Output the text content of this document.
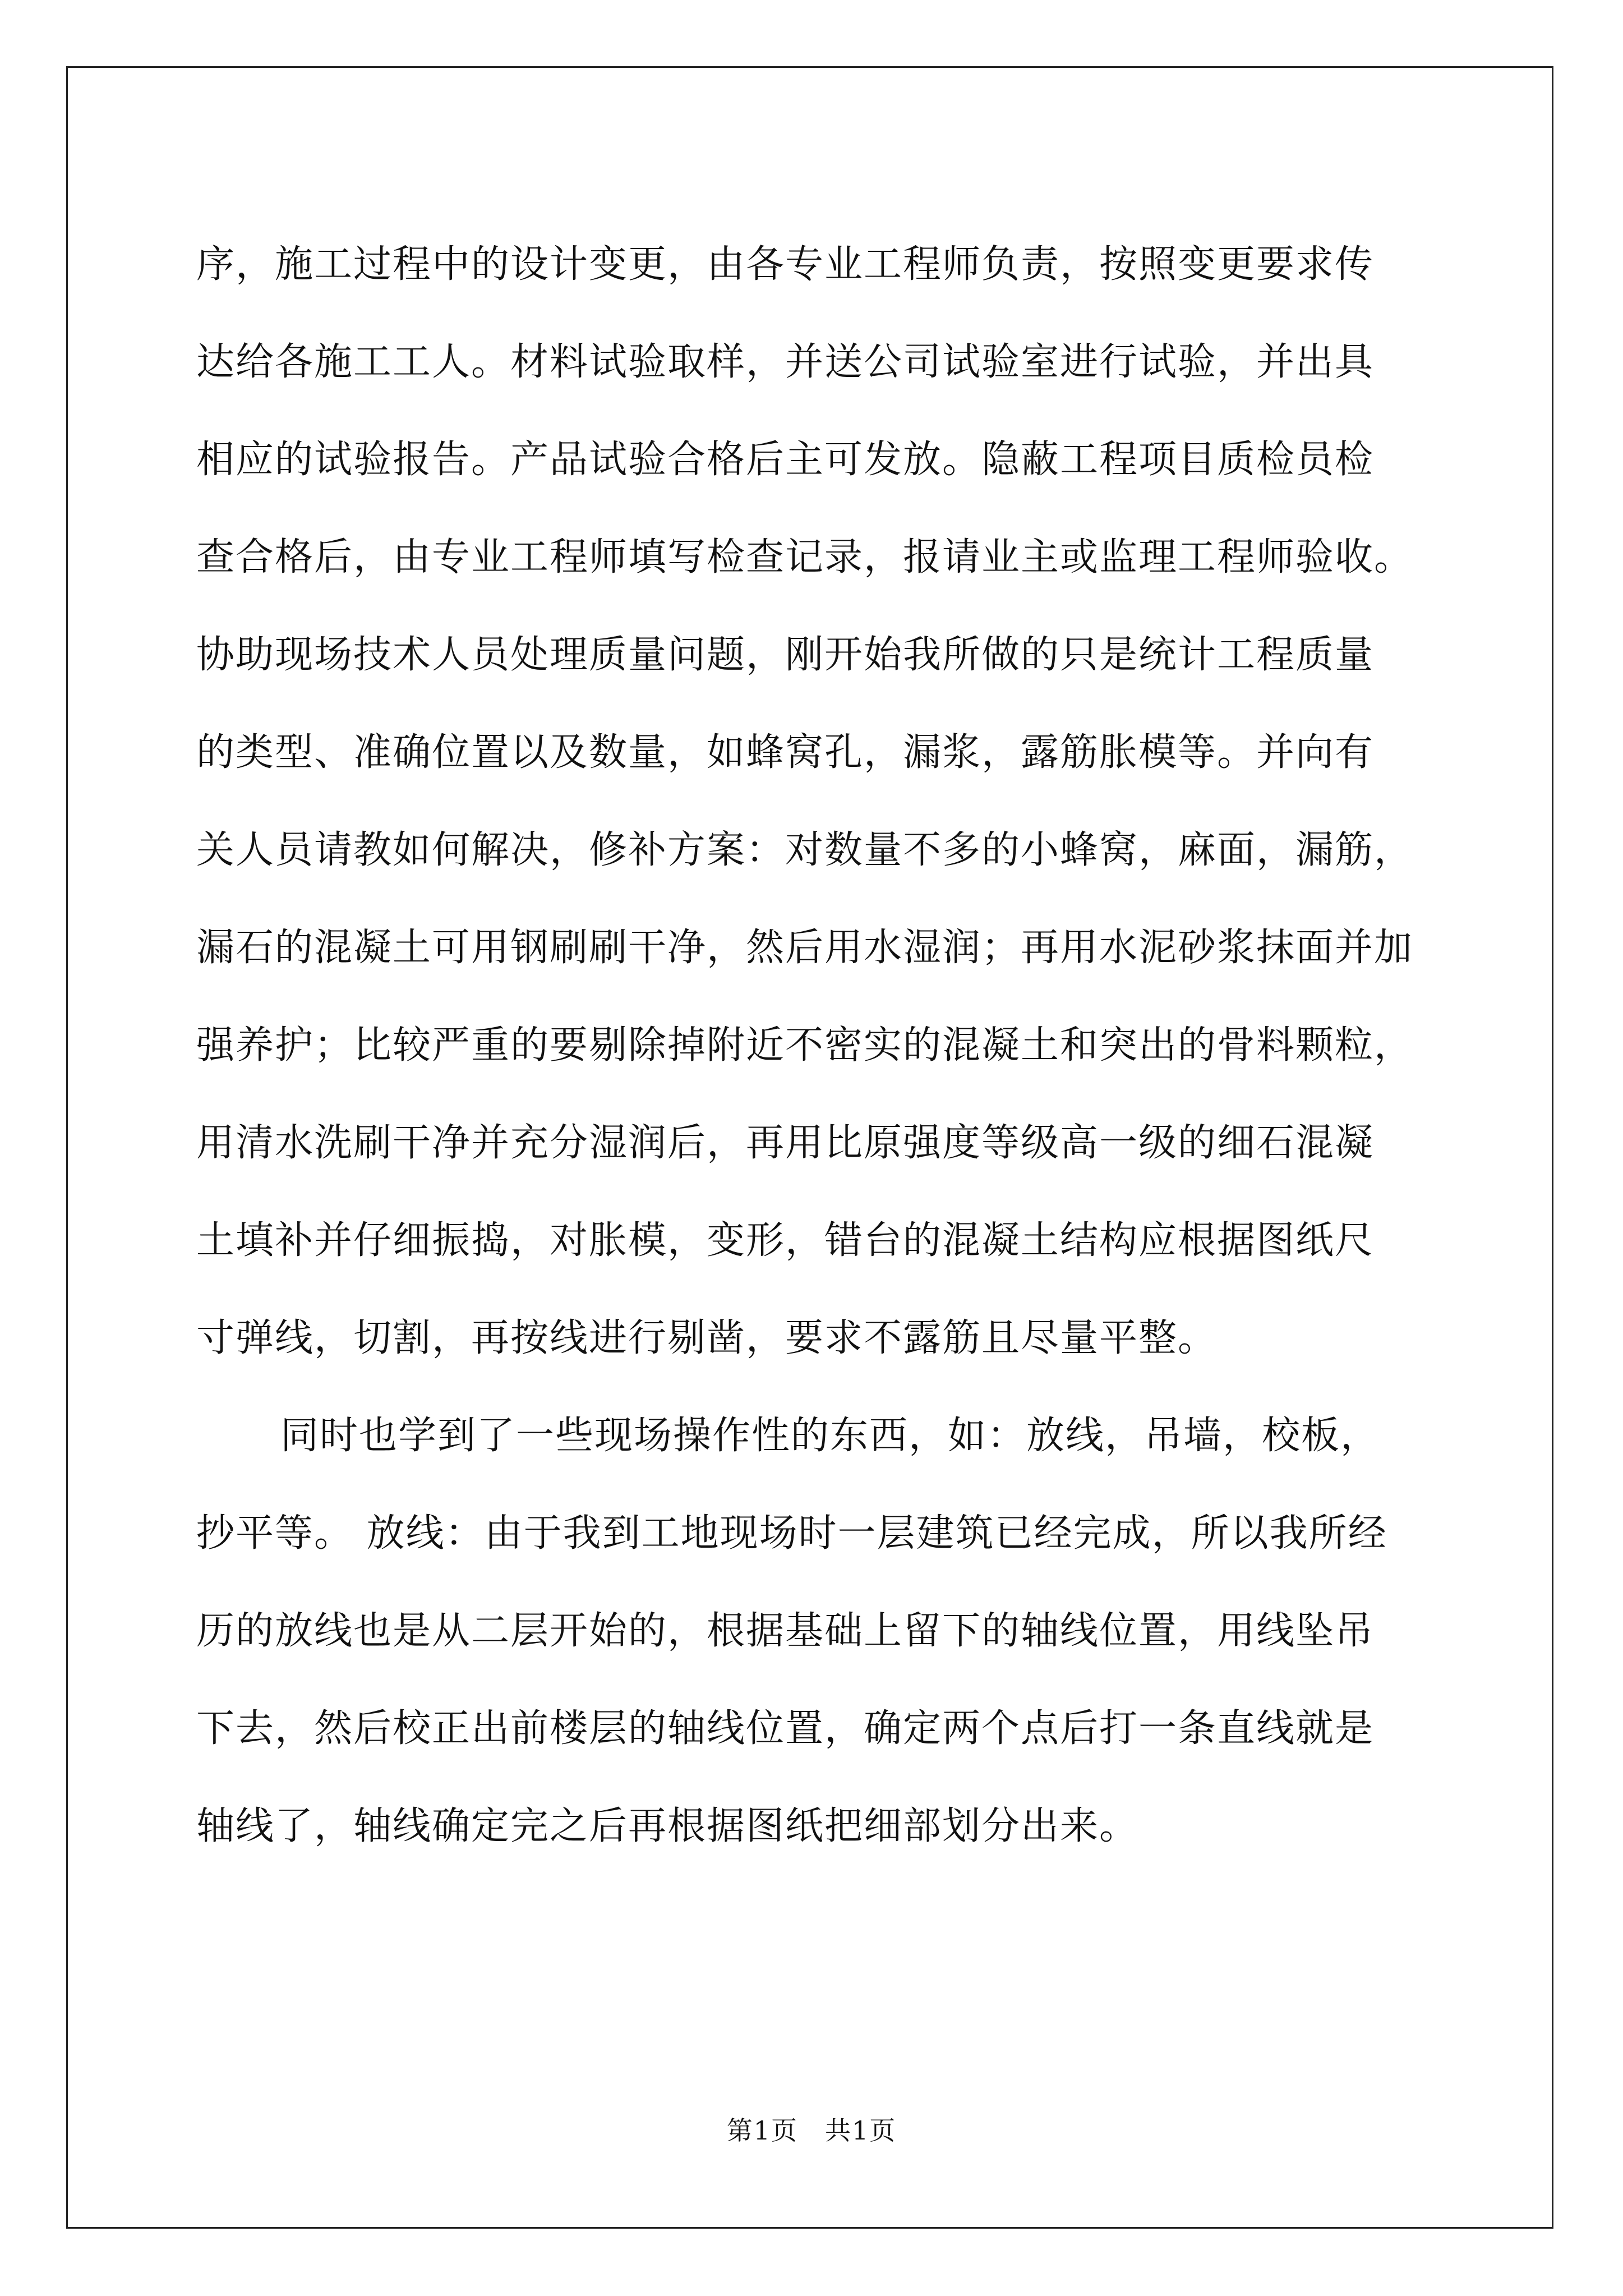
序，施工过程中的设计变更，由各专业工程师负责，按照变更要求传
达给各施工工人。材料试验取样，并送公司试验室进行试验，并出具
相应的试验报告。产品试验合格后主可发放。隐蔽工程项目质检员检
查合格后，由专业工程师填写检查记录，报请业主或监理工程师验收。
协助现场技术人员处理质量问题，刚开始我所做的只是统计工程质量
的类型、准确位置以及数量，如蜂窝孔，漏浆，露筋胀模等。并向有
关人员请教如何解决，修补方案：对数量不多的小蜂窝，麻面，漏筋，
漏石的混凝土可用钢刷刷干净，然后用水湿润；再用水泥砂浆抹面并加
强养护；比较严重的要剔除掉附近不密实的混凝土和突出的骨料颗粒，
用清水洗刷干净并充分湿润后，再用比原强度等级高一级的细石混凝
土填补并仔细振捣，对胀模，变形，错台的混凝土结构应根据图纸尺
寸弹线，切割，再按线进行剔凿，要求不露筋且尽量平整。
同时也学到了一些现场操作性的东西，如：放线，吊墙，校板，
抄平等。 放线：由于我到工地现场时一层建筑已经完成，所以我所经
历的放线也是从二层开始的，根据基础上留下的轴线位置，用线坠吊
下去，然后校正出前楼层的轴线位置，确定两个点后打一条直线就是
轴线了，轴线确定完之后再根据图纸把细部划分出来。
第1页　共1页
